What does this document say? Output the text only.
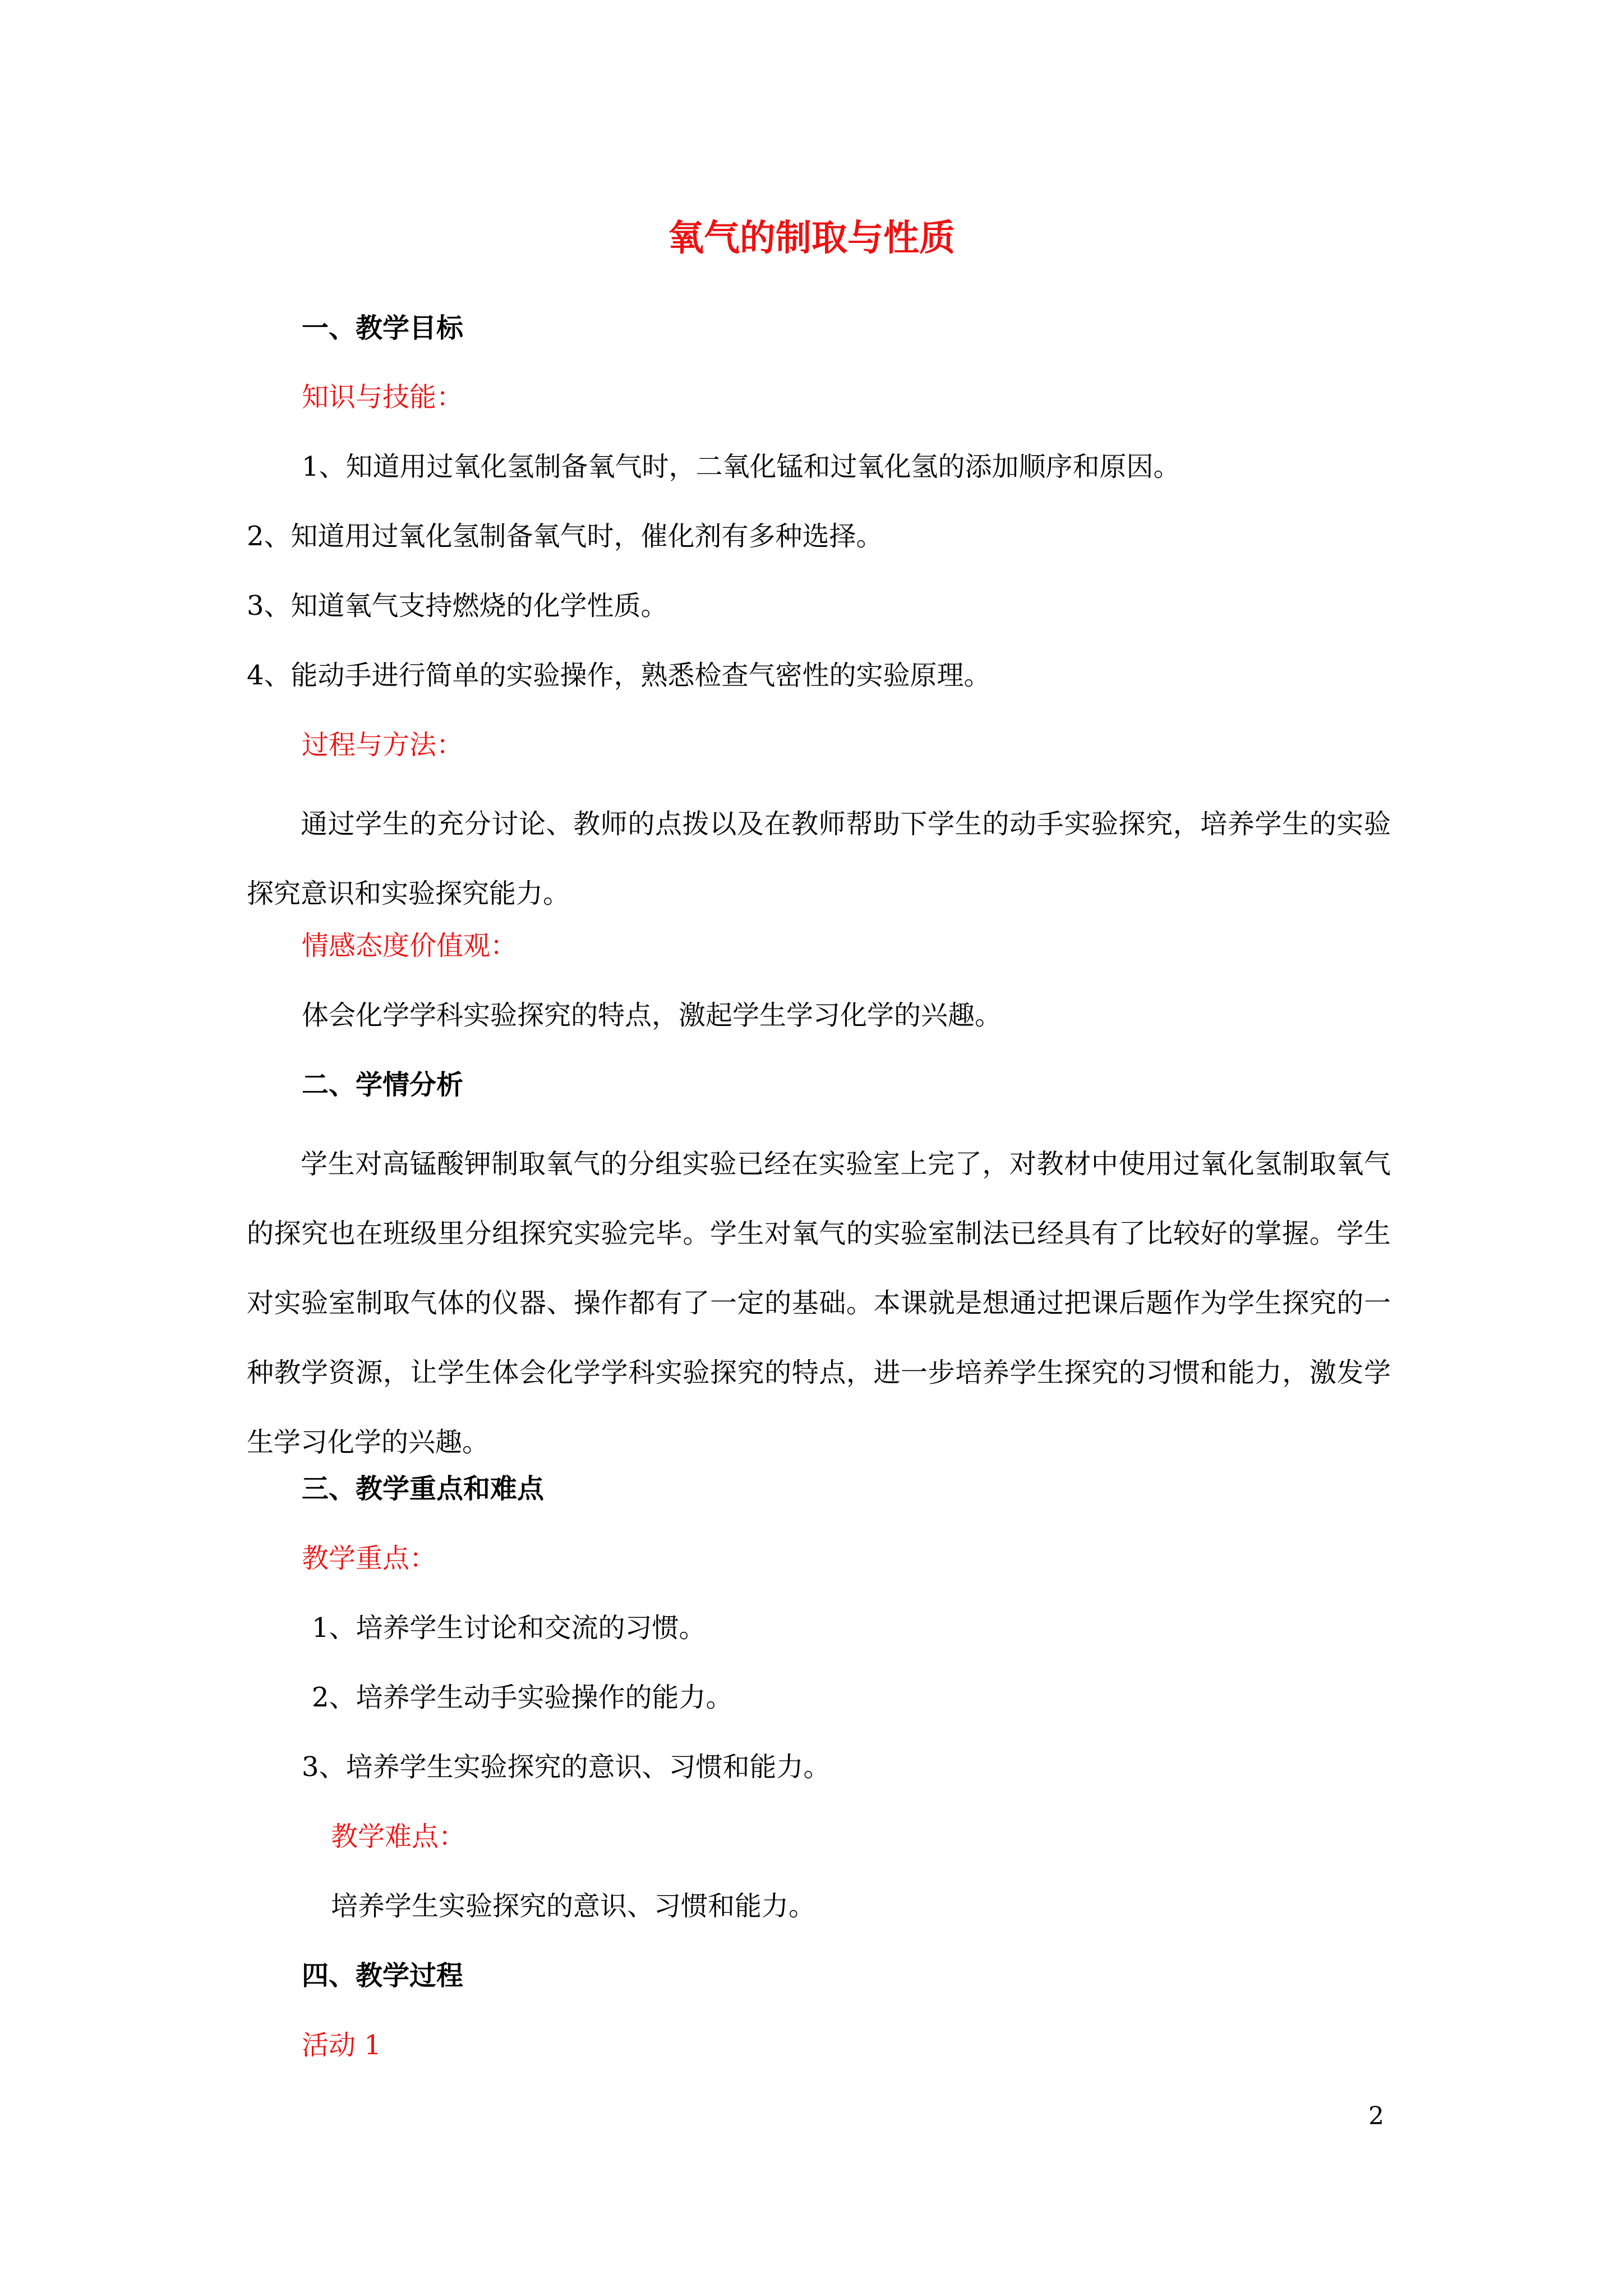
氧气的制取与性质
一、教学目标
知识与技能：
1、知道用过氧化氢制备氧气时，二氧化锰和过氧化氢的添加顺序和原因。
2、知道用过氧化氢制备氧气时，催化剂有多种选择。
3、知道氧气支持燃烧的化学性质。
4、能动手进行简单的实验操作，熟悉检查气密性的实验原理。
过程与方法：

通过学生的充分讨论、教师的点拨以及在教师帮助下学生的动手实验探究，培养学生的实验探究意识和实验探究能力。

情感态度价值观：
体会化学学科实验探究的特点，激起学生学习化学的兴趣。
二、学情分析

学生对高锰酸钾制取氧气的分组实验已经在实验室上完了，对教材中使用过氧化氢制取氧气的探究也在班级里分组探究实验完毕。学生对氧气的实验室制法已经具有了比较好的掌握。学生对实验室制取气体的仪器、操作都有了一定的基础。本课就是想通过把课后题作为学生探究的一种教学资源，让学生体会化学学科实验探究的特点，进一步培养学生探究的习惯和能力，激发学生学习化学的兴趣。

三、教学重点和难点
教学重点：
1、培养学生讨论和交流的习惯。
2、培养学生动手实验操作的能力。
3、培养学生实验探究的意识、习惯和能力。
教学难点：
培养学生实验探究的意识、习惯和能力。
四、教学过程
活动 1
2
